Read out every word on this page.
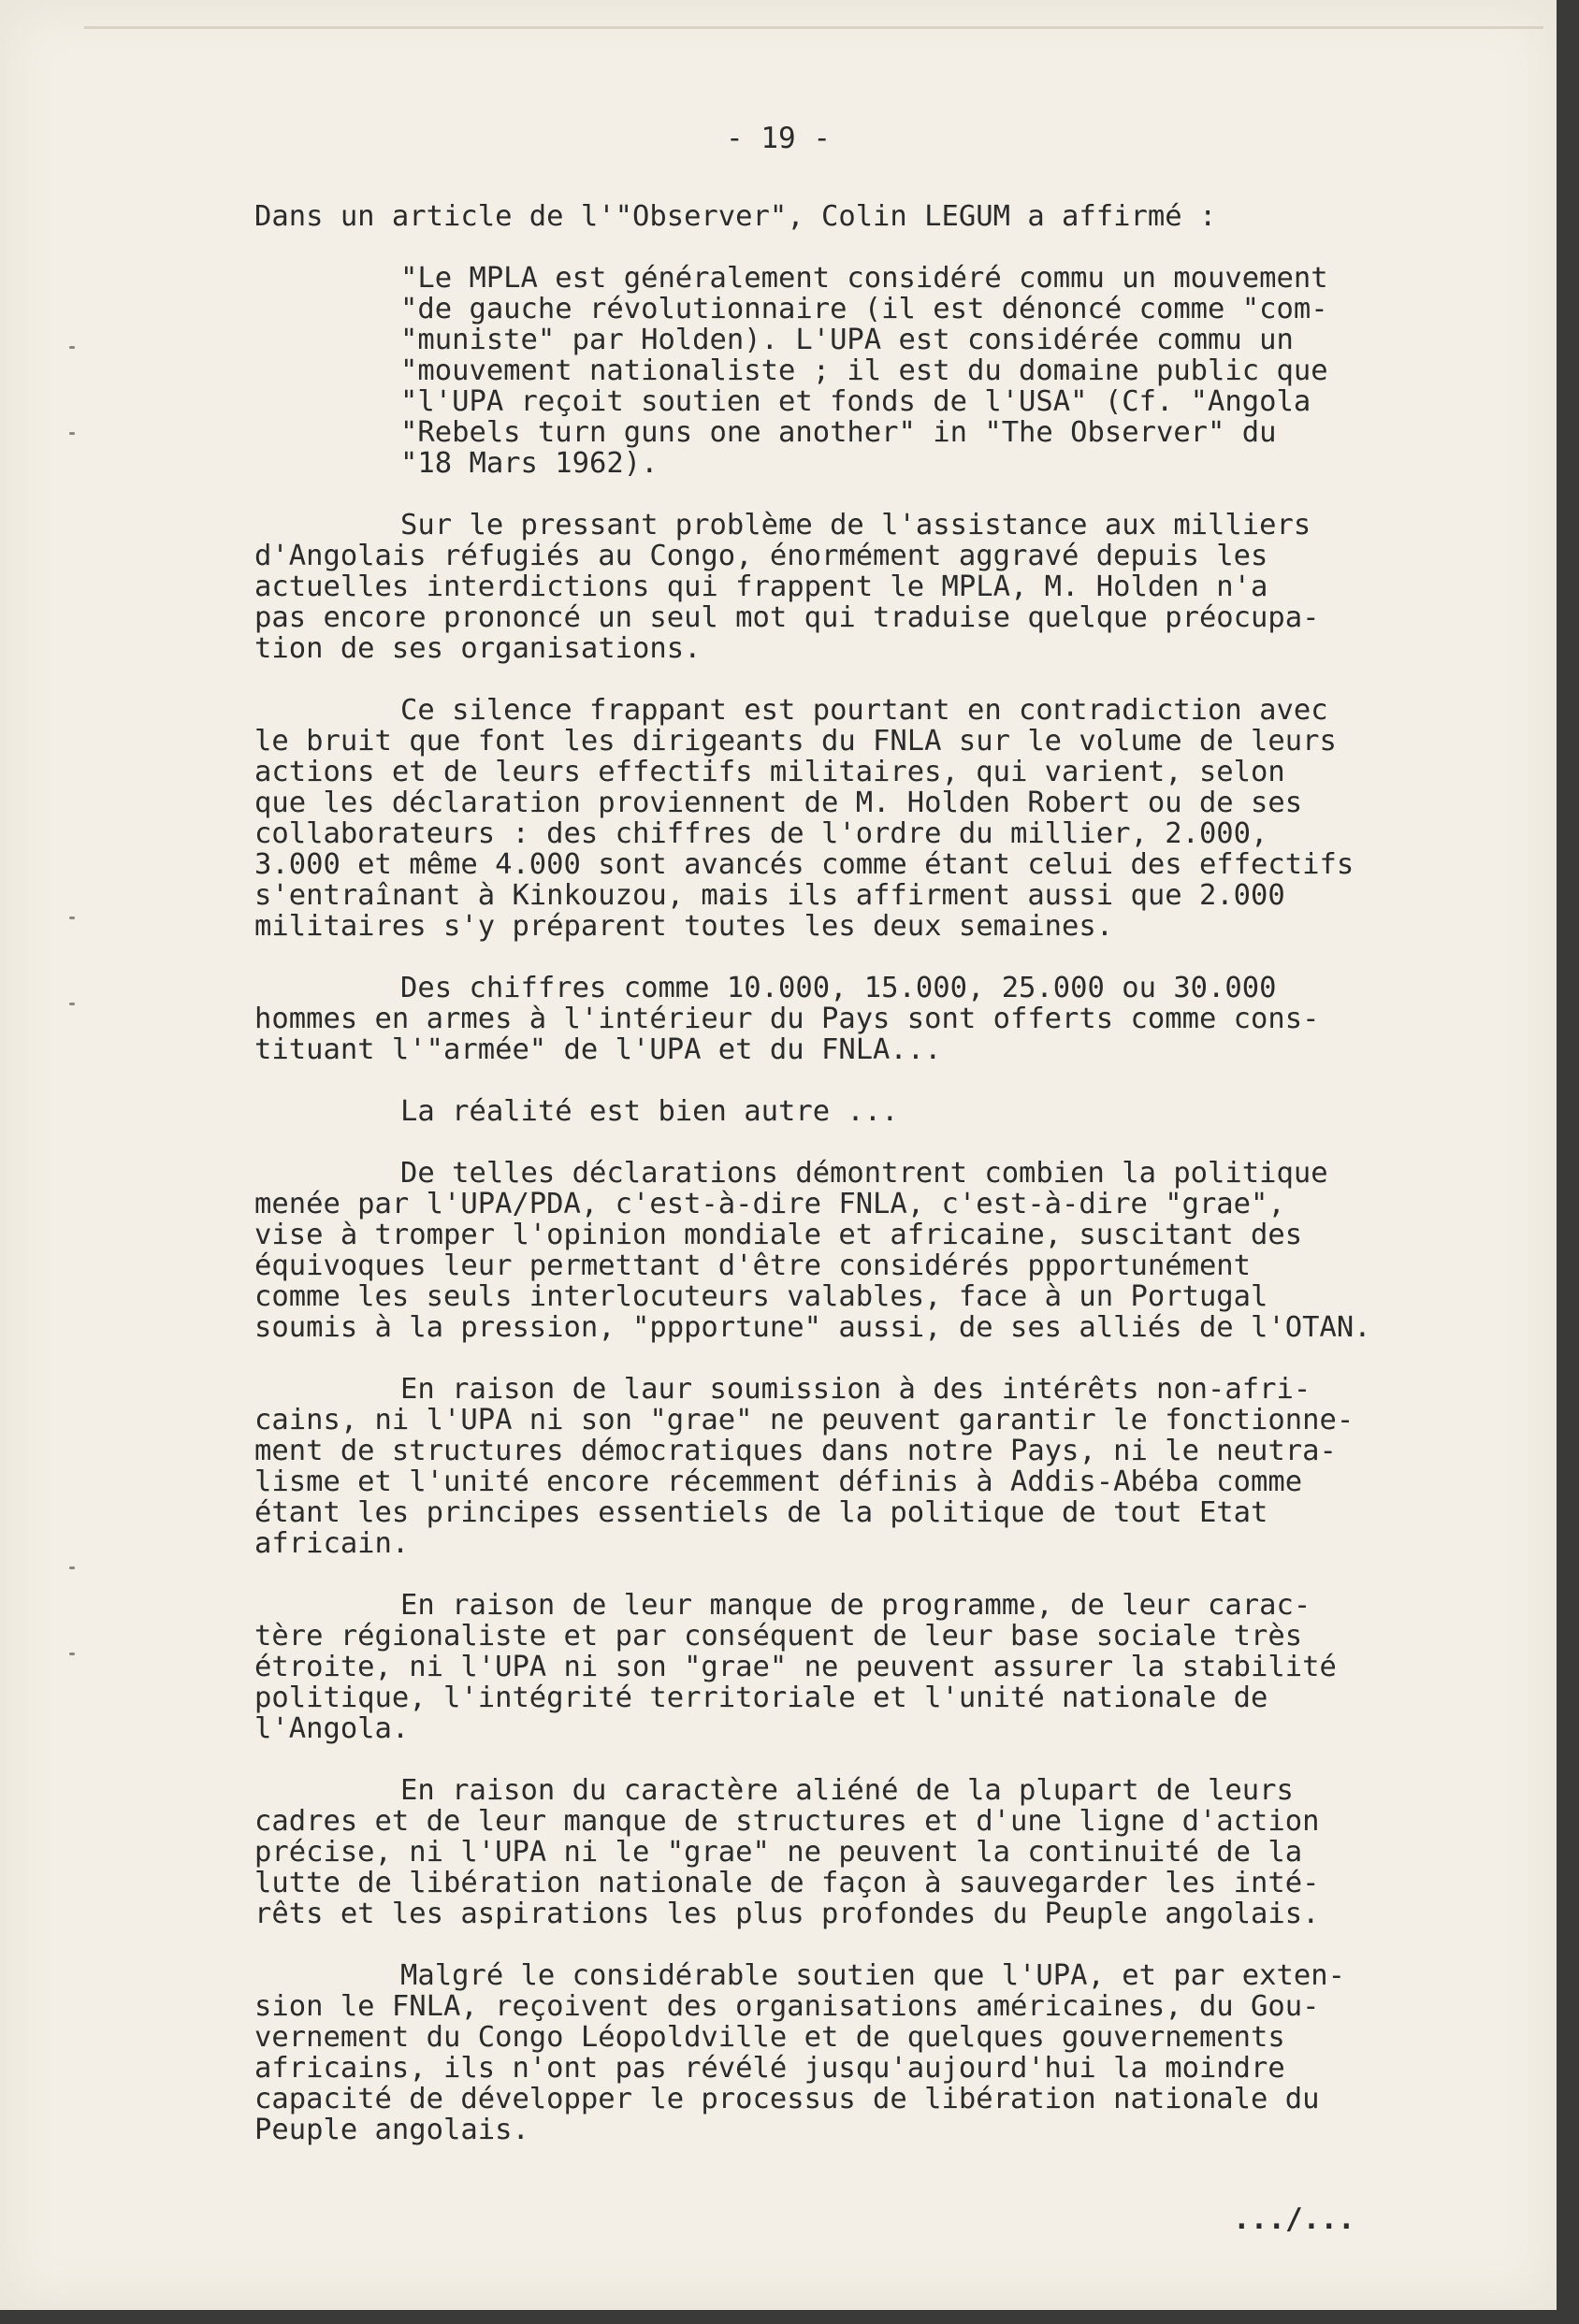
- 19 -

Dans un article de l'"Observer", Colin LEGUM a affirmé :

"Le MPLA est généralement considéré commu un mouvement
"de gauche révolutionnaire (il est dénoncé comme "com-
"muniste" par Holden). L'UPA est considérée commu un
"mouvement nationaliste ; il est du domaine public que
"l'UPA reçoit soutien et fonds de l'USA" (Cf. "Angola
"Rebels turn guns one another" in "The Observer" du
"18 Mars 1962).

Sur le pressant problème de l'assistance aux milliers
d'Angolais réfugiés au Congo, énormément aggravé depuis les
actuelles interdictions qui frappent le MPLA, M. Holden n'a
pas encore prononcé un seul mot qui traduise quelque préocupa-
tion de ses organisations.

Ce silence frappant est pourtant en contradiction avec
le bruit que font les dirigeants du FNLA sur le volume de leurs
actions et de leurs effectifs militaires, qui varient, selon
que les déclaration proviennent de M. Holden Robert ou de ses
collaborateurs : des chiffres de l'ordre du millier, 2.000,
3.000 et même 4.000 sont avancés comme étant celui des effectifs
s'entraînant à Kinkouzou, mais ils affirment aussi que 2.000
militaires s'y préparent toutes les deux semaines.

Des chiffres comme 10.000, 15.000, 25.000 ou 30.000
hommes en armes à l'intérieur du Pays sont offerts comme cons-
tituant l'"armée" de l'UPA et du FNLA...

La réalité est bien autre ...

De telles déclarations démontrent combien la politique
menée par l'UPA/PDA, c'est-à-dire FNLA, c'est-à-dire "grae",
vise à tromper l'opinion mondiale et africaine, suscitant des
équivoques leur permettant d'être considérés ppportunément
comme les seuls interlocuteurs valables, face à un Portugal
soumis à la pression, "ppportune" aussi, de ses alliés de l'OTAN.

En raison de laur soumission à des intérêts non-afri-
cains, ni l'UPA ni son "grae" ne peuvent garantir le fonctionne-
ment de structures démocratiques dans notre Pays, ni le neutra-
lisme et l'unité encore récemment définis à Addis-Abéba comme
étant les principes essentiels de la politique de tout Etat
africain.

En raison de leur manque de programme, de leur carac-
tère régionaliste et par conséquent de leur base sociale très
étroite, ni l'UPA ni son "grae" ne peuvent assurer la stabilité
politique, l'intégrité territoriale et l'unité nationale de
l'Angola.

En raison du caractère aliéné de la plupart de leurs
cadres et de leur manque de structures et d'une ligne d'action
précise, ni l'UPA ni le "grae" ne peuvent la continuité de la
lutte de libération nationale de façon à sauvegarder les inté-
rêts et les aspirations les plus profondes du Peuple angolais.

Malgré le considérable soutien que l'UPA, et par exten-
sion le FNLA, reçoivent des organisations américaines, du Gou-
vernement du Congo Léopoldville et de quelques gouvernements
africains, ils n'ont pas révélé jusqu'aujourd'hui la moindre
capacité de développer le processus de libération nationale du
Peuple angolais.

.../...
